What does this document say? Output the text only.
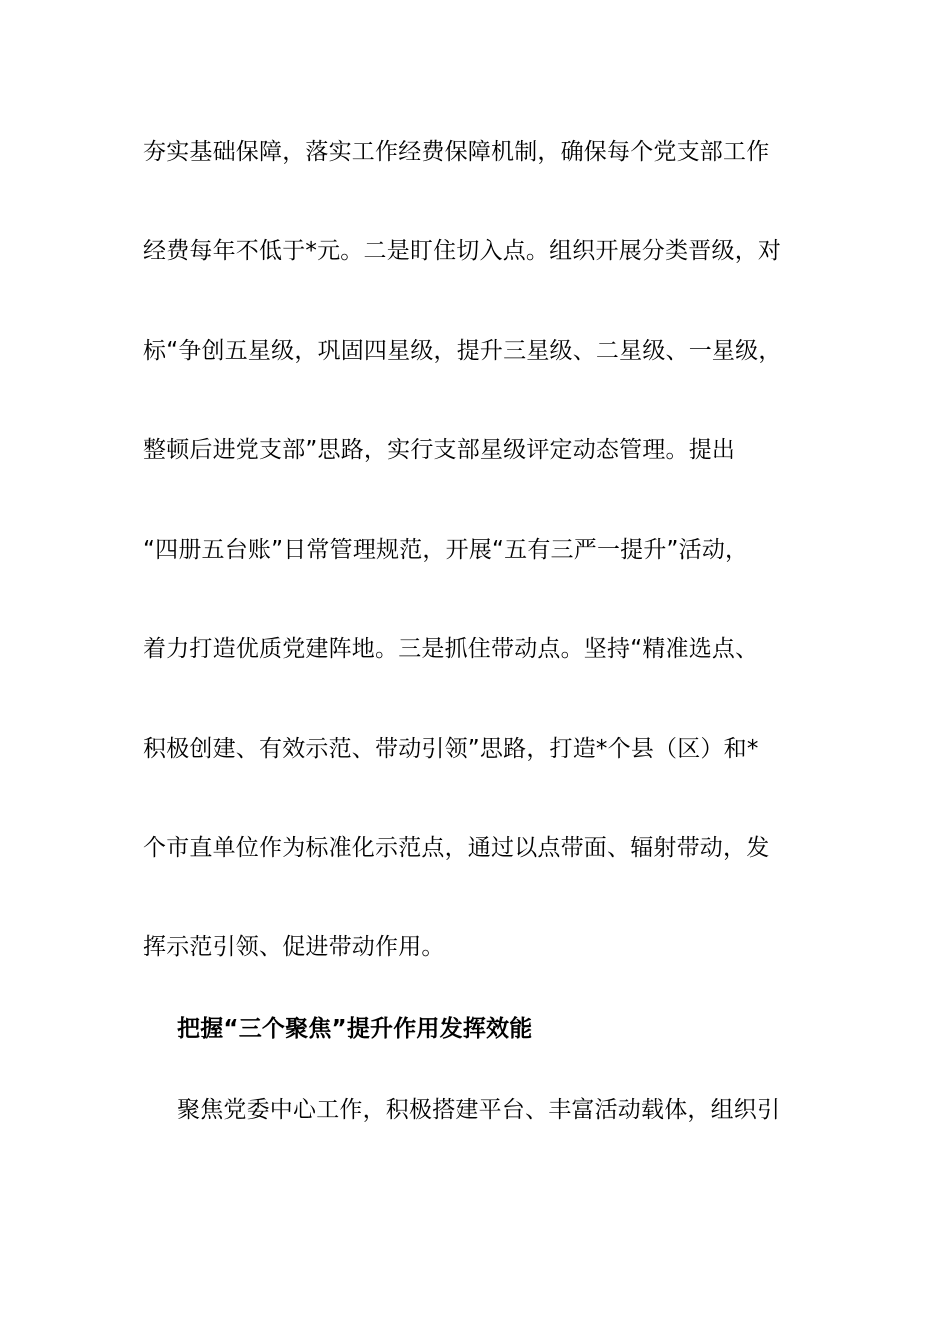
夯实基础保障，落实工作经费保障机制，确保每个党支部工作
经费每年不低于*元。二是盯住切入点。组织开展分类晋级，对
标“争创五星级，巩固四星级，提升三星级、二星级、一星级，
整顿后进党支部”思路，实行支部星级评定动态管理。提出
“四册五台账”日常管理规范，开展“五有三严一提升”活动，
着力打造优质党建阵地。三是抓住带动点。坚持“精准选点、
积极创建、有效示范、带动引领”思路，打造*个县（区）和*
个市直单位作为标准化示范点，通过以点带面、辐射带动，发
挥示范引领、促进带动作用。
把握“三个聚焦”提升作用发挥效能
聚焦党委中心工作，积极搭建平台、丰富活动载体，组织引
